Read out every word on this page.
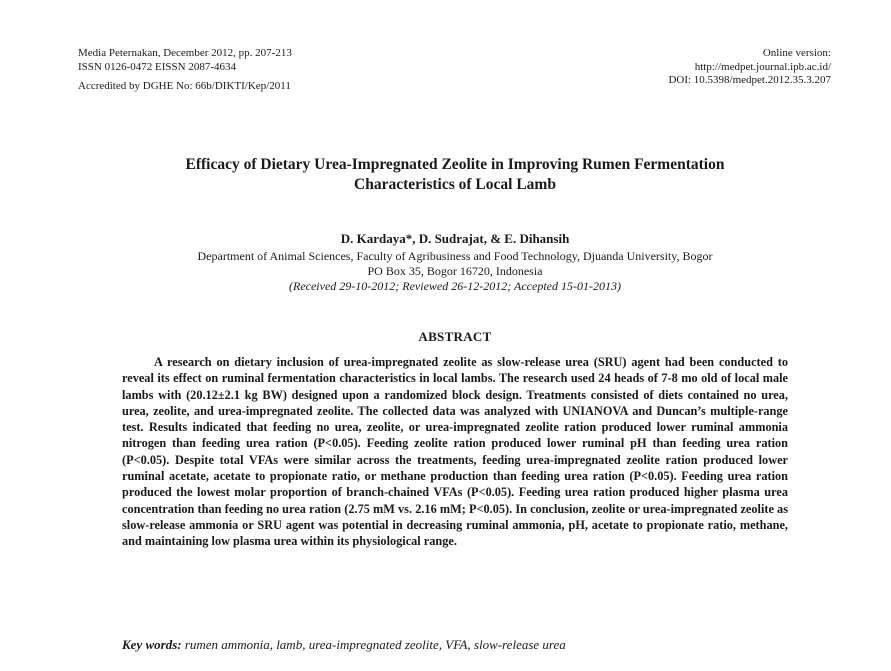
Media Peternakan, December 2012, pp. 207-213
ISSN 0126-0472 EISSN 2087-4634
Accredited by DGHE No: 66b/DIKTI/Kep/2011
Online version:
http://medpet.journal.ipb.ac.id/
DOI: 10.5398/medpet.2012.35.3.207
Efficacy of Dietary Urea-Impregnated Zeolite in Improving Rumen Fermentation
Characteristics of Local Lamb
D. Kardaya*, D. Sudrajat, & E. Dihansih
Department of Animal Sciences, Faculty of Agribusiness and Food Technology, Djuanda University, Bogor
PO Box 35, Bogor 16720, Indonesia
(Received 29-10-2012; Reviewed 26-12-2012; Accepted 15-01-2013)
ABSTRACT
A research on dietary inclusion of urea-impregnated zeolite as slow-release urea (SRU) agent had been conducted to reveal its effect on ruminal fermentation characteristics in local lambs. The research used 24 heads of 7-8 mo old of local male lambs with (20.12±2.1 kg BW) designed upon a randomized block design. Treatments consisted of diets contained no urea, urea, zeolite, and urea-impregnated zeolite. The collected data was analyzed with UNIANOVA and Duncan’s multiple-range test. Results indicated that feeding no urea, zeolite, or urea-impregnated zeolite ration produced lower ruminal ammonia nitrogen than feeding urea ration (P<0.05). Feeding zeolite ration produced lower ruminal pH than feeding urea ration (P<0.05). Despite total VFAs were similar across the treatments, feeding urea-impregnated zeolite ration produced lower ruminal acetate, acetate to propionate ratio, or methane production than feeding urea ration (P<0.05). Feeding urea ration produced the lowest molar proportion of branch-chained VFAs (P<0.05). Feeding urea ration produced higher plasma urea concentration than feeding no urea ration (2.75 mM vs. 2.16 mM; P<0.05). In conclusion, zeolite or urea-impregnated zeolite as slow-release ammonia or SRU agent was potential in decreasing ruminal ammonia, pH, acetate to propionate ratio, methane, and maintaining low plasma urea within its physiological range.
Key words: rumen ammonia, lamb, urea-impregnated zeolite, VFA, slow-release urea
